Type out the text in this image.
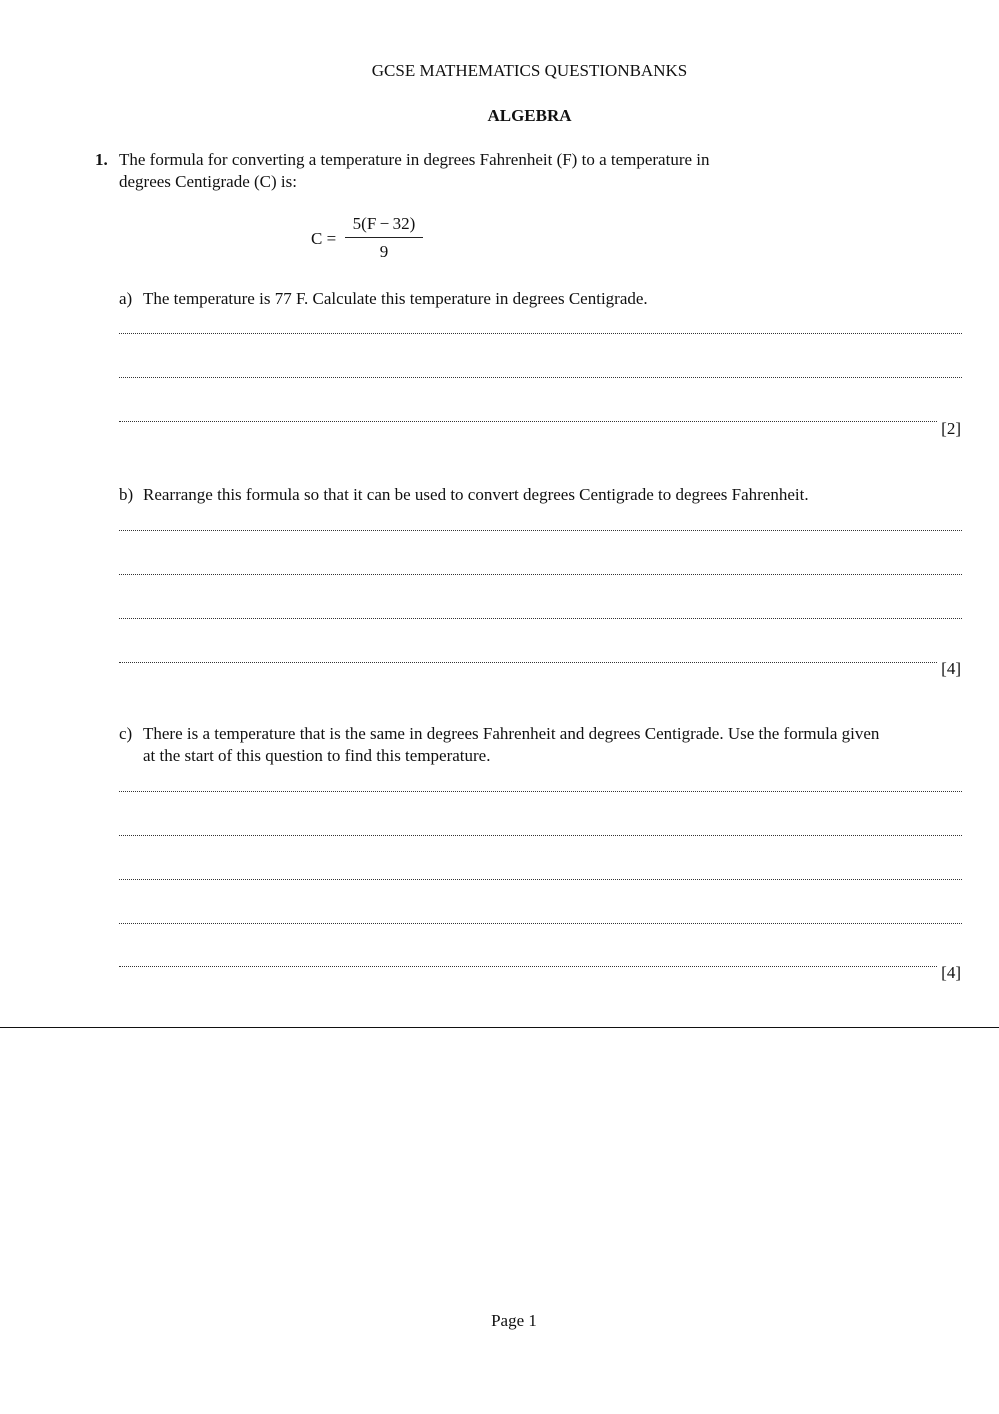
GCSE MATHEMATICS QUESTIONBANKS
ALGEBRA
1. The formula for converting a temperature in degrees Fahrenheit (F) to a temperature in
degrees Centigrade (C) is:
C =
5(F − 32)
9
a) The temperature is 77 F. Calculate this temperature in degrees Centigrade.
[2]
b) Rearrange this formula so that it can be used to convert degrees Centigrade to degrees Fahrenheit.
[4]
c) There is a temperature that is the same in degrees Fahrenheit and degrees Centigrade. Use the formula given
at the start of this question to find this temperature.
[4]
Page 1
